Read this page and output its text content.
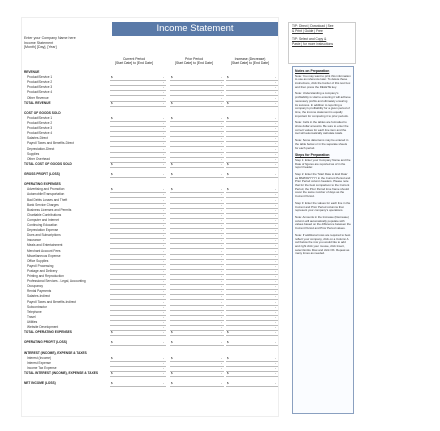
Income Statement
Enter your Company Name here
Income Statement
[Month] [Day], [Year]
Current Period
[Start Date] to [End Date]
Prior Period
[Start Date] to [End Date]
Increase (Decrease)
[Start Date] to [End Date]
REVENUE
Product/Service 1	$	- $	- $	-
Product/Service 2	-	-	-
Product/Service 3	-	-	-
Product/Service 4	-	-	-
Other Revenue	-	-	-
TOTAL REVENUE	$	- $	- $	-
COST OF GOODS SOLD
Product/Service 1	$	- $	- $	-
Product/Service 2	-	-	-
Product/Service 3	-	-	-
Product/Service 4	-	-	-
Salaries-Direct	-	-	-
Payroll Taxes and Benefits-Direct	-	-	-
Depreciation-Direct	-	-	-
Supplies	-	-	-
Other Overhead	-	-	-
TOTAL COST OF GOODS SOLD	$	- $	- $	-
GROSS PROFIT (LOSS)	$	- $	- $	-
OPERATING EXPENSES
Advertising and Promotion	$	- $	- $	-
Automobile/Transportation	-	-	-
Bad Debts Losses and Theft	-	-	-
Bank Service Charges	-	-	-
Business Licenses and Permits	-	-	-
Charitable Contributions	-	-	-
Computer and Internet	-	-	-
Continuing Education	-	-	-
Depreciation Expense	-	-	-
Dues and Subscriptions	-	-	-
Insurance	-	-	-
Meals and Entertainment	-	-	-
Merchant Account Fees	-	-	-
Miscellaneous Expense	-	-	-
Office Supplies	-	-	-
Payroll Processing	-	-	-
Postage and Delivery	-	-	-
Printing and Reproduction	-	-	-
Professional Services - Legal, Accounting	-	-	-
Occupancy	-	-	-
Rental Payments	-	-	-
Salaries-Indirect	-	-	-
Payroll Taxes and Benefits-Indirect	-	-	-
Subcontractor	-	-	-
Telephone	-	-	-
Travel	-	-	-
Utilities	-	-	-
Website Development	-	-	-
TOTAL OPERATING EXPENSES	$	- $	- $	-
OPERATING PROFIT (LOSS)	$	- $	- $	-
INTEREST (INCOME), EXPENSE & TAXES
Interest (Income)	$	- $	- $	-
Interest Expense	-	-	-
Income Tax Expense	-	-	-
TOTAL INTEREST (INCOME), EXPENSE & TAXES	$	- $	- $	-
NET INCOME (LOSS)	$	- $	- $	-
TIP: Direct | Download | See
& Print | Guide | Free
TIP: Select and Copy &
Paste | for more instructions
Notes on Preparation
Note: You may want to print this information to use as reference later. To delete these instructions, click the border of this text box and then press the DELETE key.
Note: Understanding a company's profitability is vital to ensuring it will achieve necessary profits and ultimately ensuring its success. In addition to reporting a company's profitability for a given period of time, the income statement is equally important for comparing it to prior periods.
Note: Cells in the tables are formatted to show dollar amounts. Be sure to enter the correct values for each line item and the tool will automatically calculate totals.
Note: Some data items may be entered in the table below or in the separate sheets for each period.
Steps for Preparation
Step 1: Enter your Company Name and the Date of figures are reported as of in the report header.
Step 2: Enter the 'Start Date to End Date' as MM/DD/YYYY in the Current Period and Prior Period column headers. Please note that for the best comparison to the Current Period, the Prior Period time frame should cover the same number of days as the Current Period.
Step 3: Enter the values for each line in the Current and Prior Period columns that represent your company's operations.
Note: Amounts in the Increase (Decrease) column will automatically populate with values based on the difference between the Current Period and Prior Period values.
Note: If additional rows are required to best reflect your company, click on a Column A cell below the row you would like to add and right click your mouse, click Insert, select Entire Row and click OK. Repeat as many times as needed.
